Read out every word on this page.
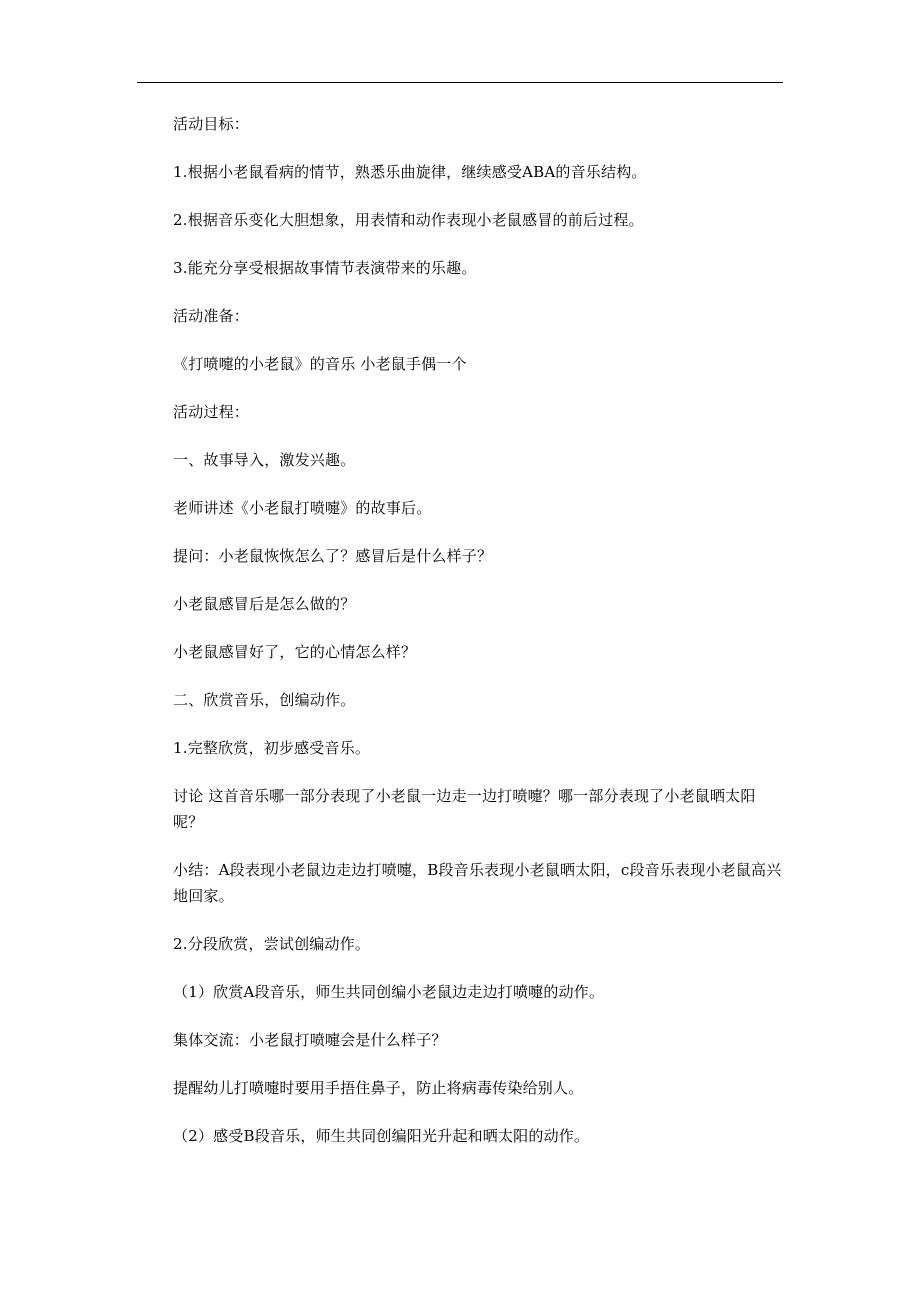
活动目标：

1.根据小老鼠看病的情节，熟悉乐曲旋律，继续感受ABA的音乐结构。

2.根据音乐变化大胆想象，用表情和动作表现小老鼠感冒的前后过程。

3.能充分享受根据故事情节表演带来的乐趣。

活动准备：

《打喷嚏的小老鼠》的音乐 小老鼠手偶一个

活动过程：

一、故事导入，激发兴趣。

老师讲述《小老鼠打喷嚏》的故事后。

提问：小老鼠恢恢怎么了？感冒后是什么样子？

小老鼠感冒后是怎么做的？

小老鼠感冒好了，它的心情怎么样？

二、欣赏音乐，创编动作。

1.完整欣赏，初步感受音乐。

讨论 这首音乐哪一部分表现了小老鼠一边走一边打喷嚏？哪一部分表现了小老鼠晒太阳呢？

小结：A段表现小老鼠边走边打喷嚏，B段音乐表现小老鼠晒太阳，c段音乐表现小老鼠高兴地回家。

2.分段欣赏，尝试创编动作。

（1）欣赏A段音乐，师生共同创编小老鼠边走边打喷嚏的动作。

集体交流：小老鼠打喷嚏会是什么样子？

提醒幼儿打喷嚏时要用手捂住鼻子，防止将病毒传染给别人。

（2）感受B段音乐，师生共同创编阳光升起和晒太阳的动作。
